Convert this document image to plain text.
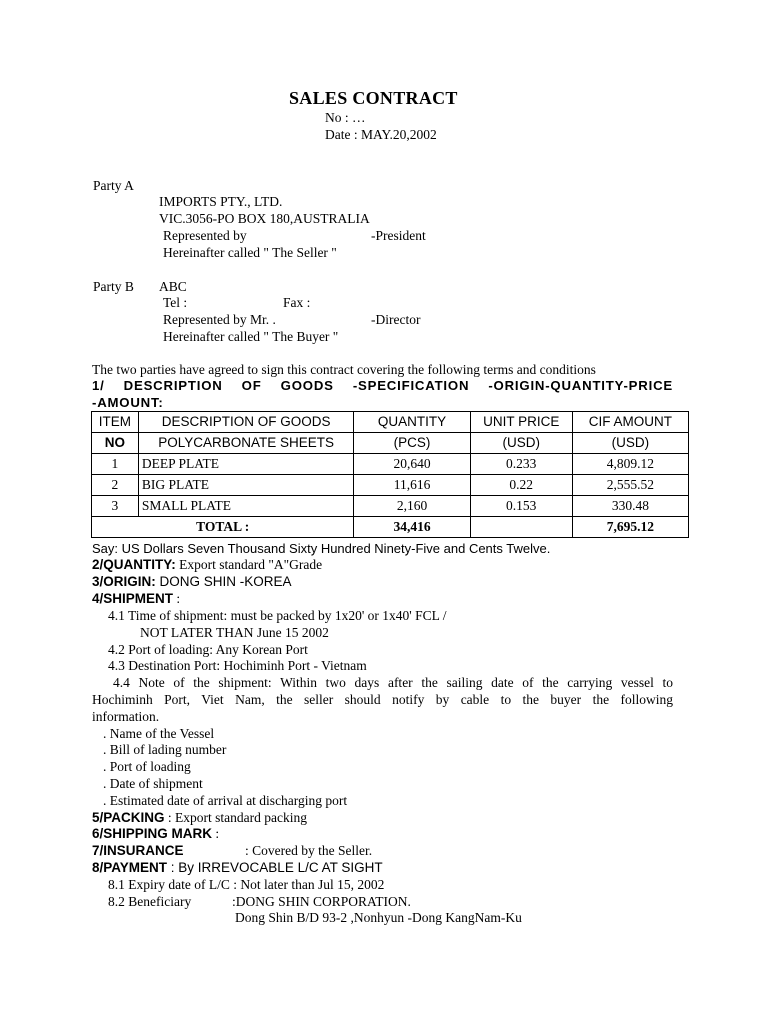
SALES CONTRACT
No : …
Date : MAY.20,2002
Party A
IMPORTS PTY., LTD.
VIC.3056-PO BOX 180,AUSTRALIA
Represented by	-President
Hereinafter called " The Seller "
Party B ABC
Tel :	Fax :
Represented by Mr. .	-Director
Hereinafter called " The Buyer "
The two parties have agreed to sign this contract covering the following terms and conditions
1/ DESCRIPTION OF GOODS -SPECIFICATION -ORIGIN-QUANTITY-PRICE
-AMOUNT:
ITEM	DESCRIPTION OF GOODS	QUANTITY	UNIT PRICE	CIF AMOUNT
NO	POLYCARBONATE SHEETS	(PCS)	(USD)	(USD)
1	DEEP PLATE	20,640	0.233	4,809.12
2	BIG PLATE	11,616	0.22	2,555.52
3	SMALL PLATE	2,160	0.153	330.48
TOTAL :		34,416		7,695.12
Say: US Dollars Seven Thousand Sixty Hundred Ninety-Five and Cents Twelve.
2/QUANTITY: Export standard "A"Grade
3/ORIGIN: DONG SHIN -KOREA
4/SHIPMENT :
4.1 Time of shipment: must be packed by 1x20' or 1x40' FCL /
NOT LATER THAN June 15 2002
4.2 Port of loading: Any Korean Port
4.3 Destination Port: Hochiminh Port - Vietnam
4.4 Note of the shipment: Within two days after the sailing date of the carrying vessel to
Hochiminh Port, Viet Nam, the seller should notify by cable to the buyer the following
information.
. Name of the Vessel
. Bill of lading number
. Port of loading
. Date of shipment
. Estimated date of arrival at discharging port
5/PACKING : Export standard packing
6/SHIPPING MARK :
7/INSURANCE	: Covered by the Seller.
8/PAYMENT : By IRREVOCABLE L/C AT SIGHT
8.1 Expiry date of L/C : Not later than Jul 15, 2002
8.2 Beneficiary	:DONG SHIN CORPORATION.
Dong Shin B/D 93-2 ,Nonhyun -Dong KangNam-Ku
